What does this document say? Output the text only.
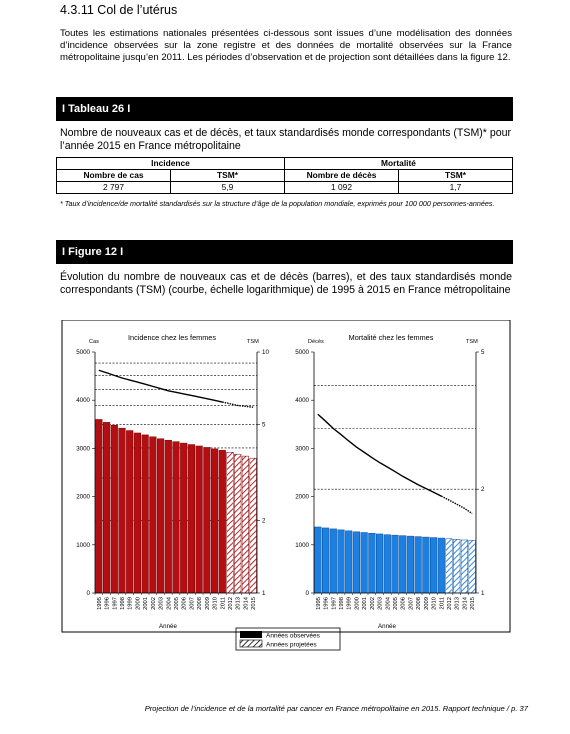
4.3.11 Col de l’utérus
Toutes les estimations nationales présentées ci-dessous sont issues d’une modélisation des données d’incidence observées sur la zone registre et des données de mortalité observées sur la France métropolitaine jusqu’en 2011. Les périodes d’observation et de projection sont détaillées dans la figure 12.
I Tableau 26 I
Nombre de nouveaux cas et de décès, et taux standardisés monde correspondants (TSM)* pour l’année 2015 en France métropolitaine
Incidence		Mortalité	
Nombre de cas	TSM*	Nombre de décès	TSM*
2 797	5,9	1 092	1,7
* Taux d’incidence/de mortalité standardisés sur la structure d’âge de la population mondiale, exprimés pour 100 000 personnes-années.
I Figure 12 I
Évolution du nombre de nouveaux cas et de décès (barres), et des taux standardisés monde correspondants (TSM) (courbe, échelle logarithmique) de 1995 à 2015 en France métropolitaine
Incidence chez les femmes
Cas	TSM
0
1000
2000
3000
4000
5000
1
2
5
10
1995 1996 1997 1998 1999 2000 2001 2002 2003 2004 2005 2006 2007 2008 2009 2010 2011 2012 2013 2014 2015
Année
Mortalité chez les femmes
Décès	TSM
0
1000
2000
3000
4000
5000
1
2
5
1995 1996 1997 1998 1999 2000 2001 2002 2003 2004 2005 2006 2007 2008 2009 2010 2011 2012 2013 2014 2015
Année
Années observées
Années projetées
Projection de l’incidence et de la mortalité par cancer en France métropolitaine en 2015. Rapport technique / p. 37
